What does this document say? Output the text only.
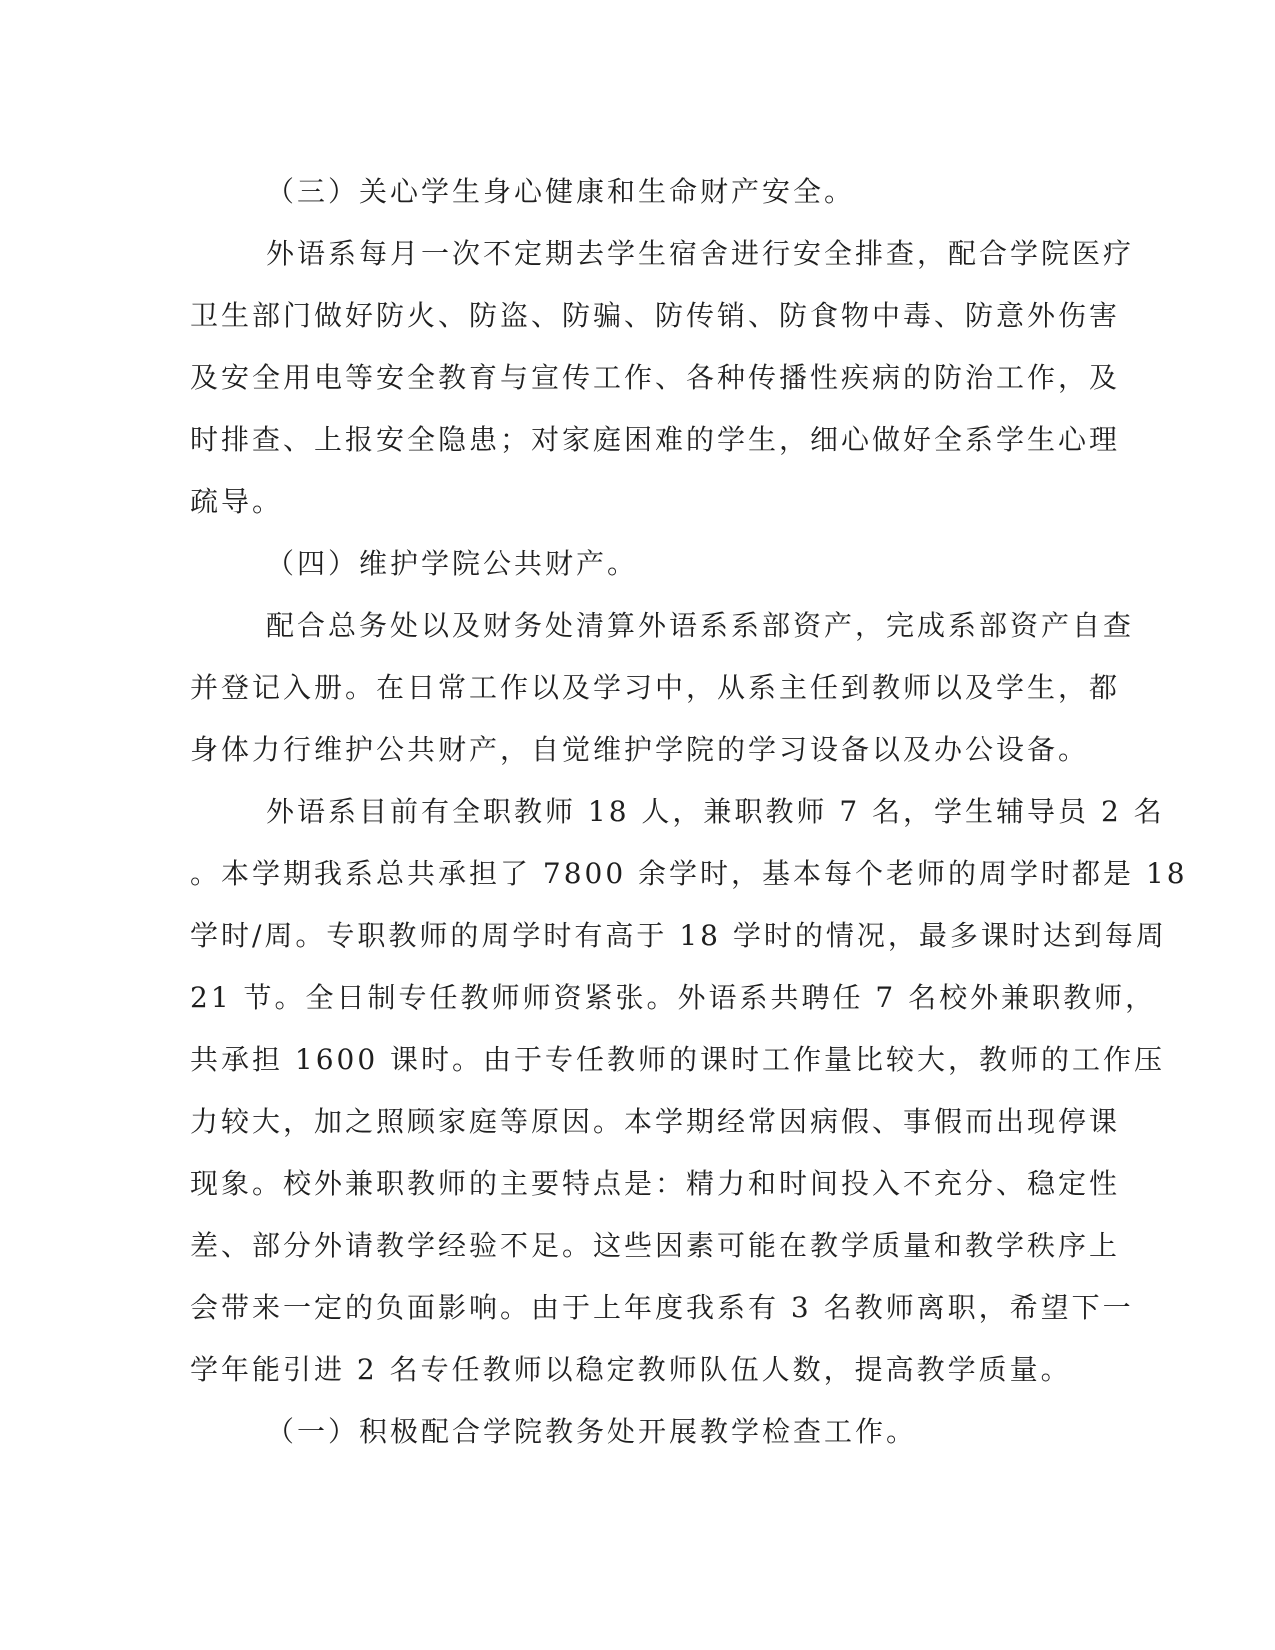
（三）关心学生身心健康和生命财产安全。
外语系每月一次不定期去学生宿舍进行安全排查，配合学院医疗
卫生部门做好防火、防盗、防骗、防传销、防食物中毒、防意外伤害
及安全用电等安全教育与宣传工作、各种传播性疾病的防治工作，及
时排查、上报安全隐患；对家庭困难的学生，细心做好全系学生心理
疏导。
（四）维护学院公共财产。
配合总务处以及财务处清算外语系系部资产，完成系部资产自查
并登记入册。在日常工作以及学习中，从系主任到教师以及学生，都
身体力行维护公共财产，自觉维护学院的学习设备以及办公设备。
外语系目前有全职教师 18 人，兼职教师 7 名，学生辅导员 2 名
。本学期我系总共承担了 7800 余学时，基本每个老师的周学时都是 18
学时/周。专职教师的周学时有高于 18 学时的情况，最多课时达到每周
21 节。全日制专任教师师资紧张。外语系共聘任 7 名校外兼职教师，
共承担 1600 课时。由于专任教师的课时工作量比较大，教师的工作压
力较大，加之照顾家庭等原因。本学期经常因病假、事假而出现停课
现象。校外兼职教师的主要特点是：精力和时间投入不充分、稳定性
差、部分外请教学经验不足。这些因素可能在教学质量和教学秩序上
会带来一定的负面影响。由于上年度我系有 3 名教师离职，希望下一
学年能引进 2 名专任教师以稳定教师队伍人数，提高教学质量。
（一）积极配合学院教务处开展教学检查工作。
